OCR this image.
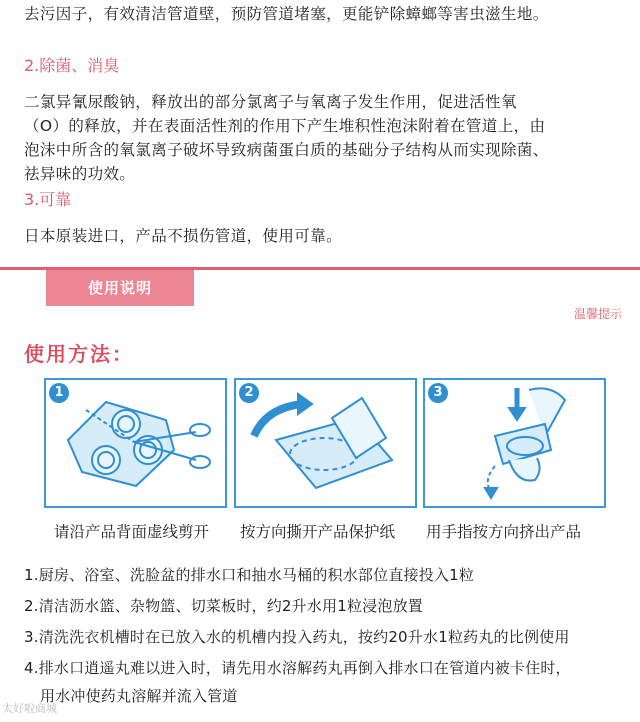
去污因子，有效清洁管道壁，预防管道堵塞，更能铲除蟑螂等害虫滋生地。
2.除菌、消臭
二氯异氰尿酸钠，释放出的部分氯离子与氧离子发生作用，促进活性氧
（O）的释放，并在表面活性剂的作用下产生堆积性泡沫附着在管道上，由
泡沫中所含的氧氯离子破坏导致病菌蛋白质的基础分子结构从而实现除菌、
祛异味的功效。
3.可靠
日本原装进口，产品不损伤管道，使用可靠。
使用说明
温馨提示
使用方法：
1	2	3
请沿产品背面虚线剪开 按方向撕开产品保护纸 用手指按方向挤出产品
1.厨房、浴室、洗脸盆的排水口和抽水马桶的积水部位直接投入1粒
2.清洁沥水篮、杂物篮、切菜板时，约2升水用1粒浸泡放置
3.清洗洗衣机槽时在已放入水的机槽内投入药丸，按约20升水1粒药丸的比例使用
4.排水口逍遥丸难以进入时，请先用水溶解药丸再倒入排水口在管道内被卡住时，
用水冲使药丸溶解并流入管道
太好啦商城
